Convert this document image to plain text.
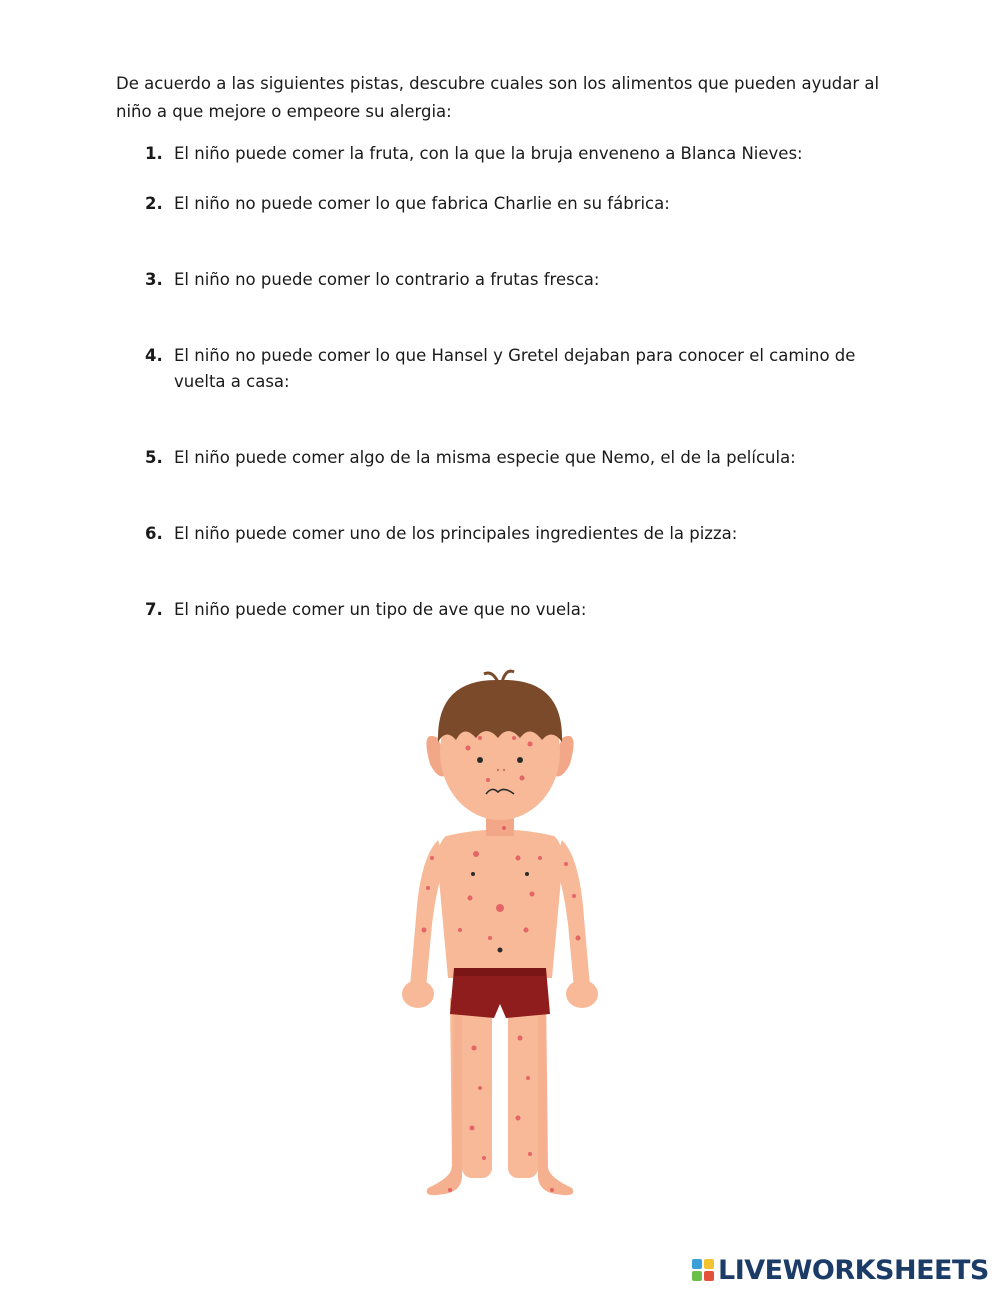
De acuerdo a las siguientes pistas, descubre cuales son los alimentos que pueden ayudar al niño a que mejore o empeore su alergia:
1. El niño puede comer la fruta, con la que la bruja enveneno a Blanca Nieves:
2. El niño no puede comer lo que fabrica Charlie en su fábrica:
3. El niño no puede comer lo contrario a frutas fresca:
4. El niño no puede comer lo que Hansel y Gretel dejaban para conocer el camino de vuelta a casa:
5. El niño puede comer algo de la misma especie que Nemo, el de la película:
6. El niño puede comer uno de los principales ingredientes de la pizza:
7. El niño puede comer un tipo de ave que no vuela:
LIVEWORKSHEETS
